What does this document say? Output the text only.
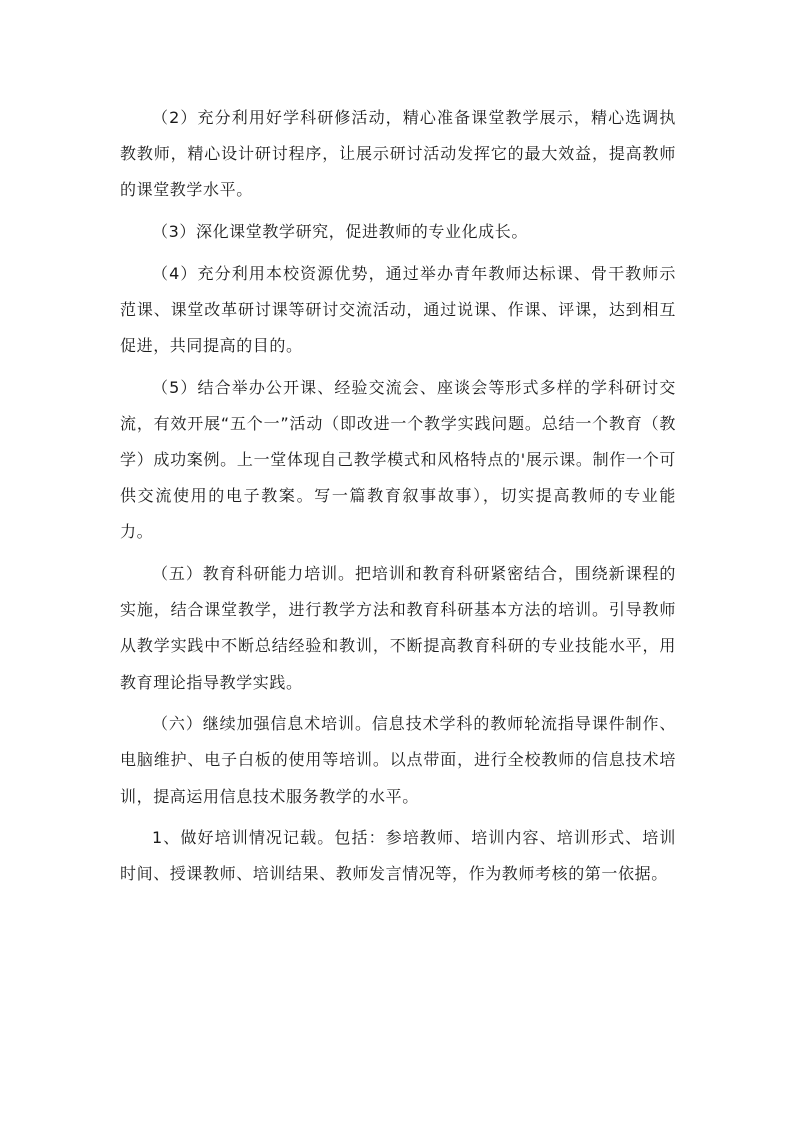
（2）充分利用好学科研修活动，精心准备课堂教学展示，精心选调执教教师，精心设计研讨程序，让展示研讨活动发挥它的最大效益，提高教师的课堂教学水平。

（3）深化课堂教学研究，促进教师的专业化成长。

（4）充分利用本校资源优势，通过举办青年教师达标课、骨干教师示范课、课堂改革研讨课等研讨交流活动，通过说课、作课、评课，达到相互促进，共同提高的目的。

（5）结合举办公开课、经验交流会、座谈会等形式多样的学科研讨交流，有效开展“五个一”活动（即改进一个教学实践问题。总结一个教育（教学）成功案例。上一堂体现自己教学模式和风格特点的'展示课。制作一个可供交流使用的电子教案。写一篇教育叙事故事），切实提高教师的专业能力。

（五）教育科研能力培训。把培训和教育科研紧密结合，围绕新课程的实施，结合课堂教学，进行教学方法和教育科研基本方法的培训。引导教师从教学实践中不断总结经验和教训，不断提高教育科研的专业技能水平，用教育理论指导教学实践。

（六）继续加强信息术培训。信息技术学科的教师轮流指导课件制作、电脑维护、电子白板的使用等培训。以点带面，进行全校教师的信息技术培训，提高运用信息技术服务教学的水平。

1、做好培训情况记载。包括：参培教师、培训内容、培训形式、培训时间、授课教师、培训结果、教师发言情况等，作为教师考核的第一依据。
